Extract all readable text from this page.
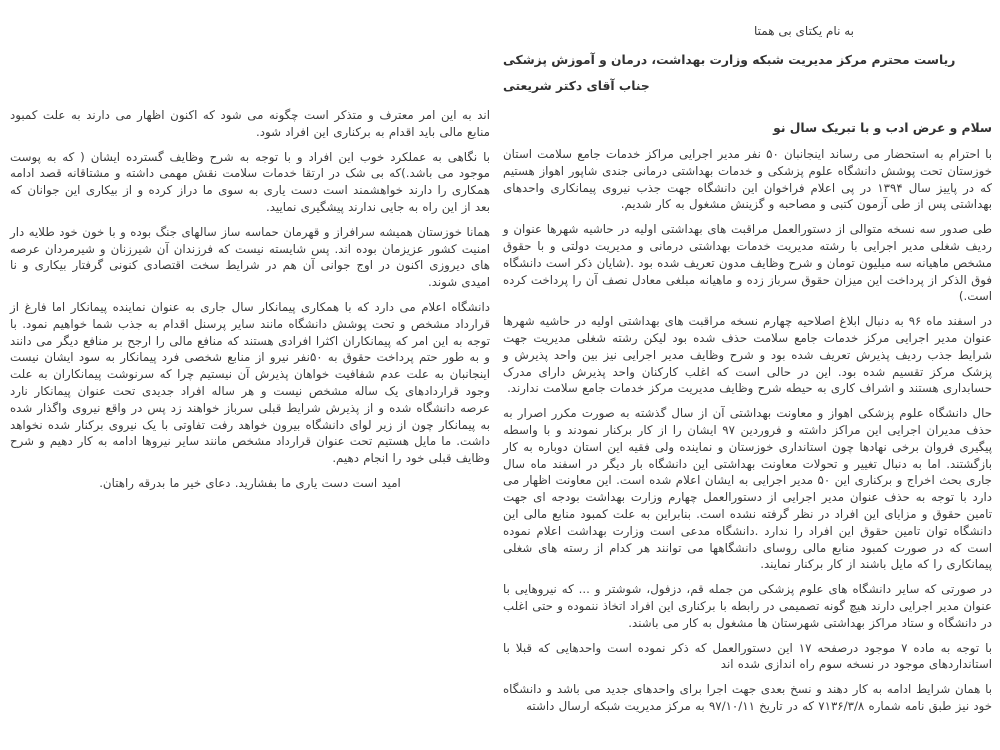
به نام یکتای بی همتا
ریاست محترم مرکز مدیریت شبکه وزارت بهداشت، درمان و آموزش پزشکی
جناب آقای دکتر شریعتی
سلام و عرض ادب و با تبریک سال نو

با احترام به استحضار می رساند اینجانبان ۵۰ نفر مدیر اجرایی مراکز خدمات جامع سلامت استان خوزستان تحت پوشش دانشگاه علوم پزشکی و خدمات بهداشتی درمانی جندی شاپور اهواز هستیم که در پاییز سال ۱۳۹۴ در پی اعلام فراخوان این دانشگاه جهت جذب نیروی پیمانکاری واحدهای بهداشتی پس از طی آزمون کتبی و مصاحبه و گزینش مشغول به کار شدیم.

طی صدور سه نسخه متوالی از دستورالعمل مراقبت های بهداشتی اولیه در حاشیه شهرها عنوان و ردیف شغلی مدیر اجرایی با رشته مدیریت خدمات بهداشتی درمانی و مدیریت دولتی و با حقوق مشخص ماهیانه سه میلیون تومان و شرح وظایف مدون تعریف شده بود .(شایان ذکر است دانشگاه فوق الذکر از پرداخت این میزان حقوق سرباز زده و ماهیانه مبلغی معادل نصف آن را پرداخت کرده است.)

در اسفند ماه ۹۶ به دنبال ابلاغ اصلاحیه چهارم نسخه مراقبت های بهداشتی اولیه در حاشیه شهرها عنوان مدیر اجرایی مرکز خدمات جامع سلامت حذف شده بود لیکن رشته شغلی مدیریت جهت شرایط جذب ردیف پذیرش تعریف شده بود و شرح وظایف مدیر اجرایی نیز بین واحد پذیرش و پزشک مرکز تقسیم شده بود. این در حالی است که اغلب کارکنان واحد پذیرش دارای مدرک حسابداری هستند و اشراف کاری به حیطه شرح وظایف مدیریت مرکز خدمات جامع سلامت ندارند.

حال دانشگاه علوم پزشکی اهواز و معاونت بهداشتی آن از سال گذشته به صورت مکرر اصرار به حذف مدیران اجرایی این مراکز داشته و فروردین ۹۷ ایشان را از کار برکنار نمودند و با واسطه پیگیری فروان برخی نهادها چون استانداری خوزستان و نماینده ولی فقیه این استان دوباره به کار بازگشتند. اما به دنبال تغییر و تحولات معاونت بهداشتی این دانشگاه بار دیگر در اسفند ماه سال جاری بحث اخراج و برکناری این ۵۰ مدیر اجرایی به ایشان اعلام شده است. این معاونت اظهار می دارد با توجه به حذف عنوان مدیر اجرایی از دستورالعمل چهارم وزارت بهداشت بودجه ای جهت تامین حقوق و مزایای این افراد در نظر گرفته نشده است. بنابراین به علت کمبود منابع مالی این دانشگاه توان تامین حقوق این افراد را ندارد .دانشگاه مدعی است وزارت بهداشت اعلام نموده است که در صورت کمبود منابع مالی روسای دانشگاهها می توانند هر کدام از رسته های شغلی پیمانکاری را که مایل باشند از کار برکنار نمایند.

در صورتی که سایر دانشگاه های علوم پزشکی من جمله قم، دزفول، شوشتر و ... که نیروهایی با عنوان مدیر اجرایی دارند هیچ گونه تصمیمی در رابطه با برکناری این افراد اتخاذ ننموده و حتی اغلب در دانشگاه و ستاد مراکز بهداشتی شهرستان ها مشغول به کار می باشند.

با توجه به ماده ۷ موجود درصفحه ۱۷ این دستورالعمل که ذکر نموده است واحدهایی که قبلا با استانداردهای موجود در نسخه سوم راه اندازی شده اند

با همان شرایط ادامه به کار دهند و نسخ بعدی جهت اجرا برای واحدهای جدید می باشد و دانشگاه خود نیز طبق نامه شماره ۷۱۳۶/۳/۸ که در تاریخ ۹۷/۱۰/۱۱ به مرکز مدیریت شبکه ارسال داشته

اند به این امر معترف و متذکر است چگونه می شود که اکنون اظهار می دارند به علت کمبود منابع مالی باید اقدام به برکناری این افراد شود.

با نگاهی به عملکرد خوب این افراد و با توجه به شرح وظایف گسترده ایشان ( که به پوست موجود می باشد.)که بی شک در ارتقا خدمات سلامت نقش مهمی داشته و مشتاقانه قصد ادامه همکاری را دارند خواهشمند است دست یاری به سوی ما دراز کرده و از بیکاری این جوانان که بعد از این راه به جایی ندارند پیشگیری نمایید.

همانا خوزستان همیشه سرافراز و قهرمان حماسه ساز سالهای جنگ بوده و با خون خود طلایه دار امنیت کشور عزیزمان بوده اند. پس شایسته نیست که فرزندان آن شیرزنان و شیرمردان عرصه های دیروزی اکنون در اوج جوانی آن هم در شرایط سخت اقتصادی کنونی گرفتار بیکاری و نا امیدی شوند.

دانشگاه اعلام می دارد که با همکاری پیمانکار سال جاری به عنوان نماینده پیمانکار اما فارغ از قرارداد مشخص و تحت پوشش دانشگاه مانند سایر پرسنل اقدام به جذب شما خواهیم نمود. با توجه به این امر که پیمانکاران اکثرا افرادی هستند که منافع مالی را ارجح بر منافع دیگر می دانند و به طور حتم پرداخت حقوق به ۵۰نفر نیرو از منابع شخصی فرد پیمانکار به سود ایشان نیست اینجانبان به علت عدم شفافیت خواهان پذیرش آن نیستیم چرا که سرنوشت پیمانکاران به علت وجود قراردادهای یک ساله مشخص نیست و هر ساله افراد جدیدی تحت عنوان پیمانکار نارد عرصه دانشگاه شده و از پذیرش شرایط قبلی سرباز خواهند زد پس در واقع نیروی واگذار شده به پیمانکار چون از زیر لوای دانشگاه بیرون خواهد رفت تفاوتی با یک نیروی برکنار شده نخواهد داشت. ما مایل هستیم تحت عنوان قرارداد مشخص مانند سایر نیروها ادامه به کار دهیم و شرح وظایف قبلی خود را انجام دهیم.

امید است دست یاری ما بفشارید. دعای خیر ما بدرقه راهتان.
